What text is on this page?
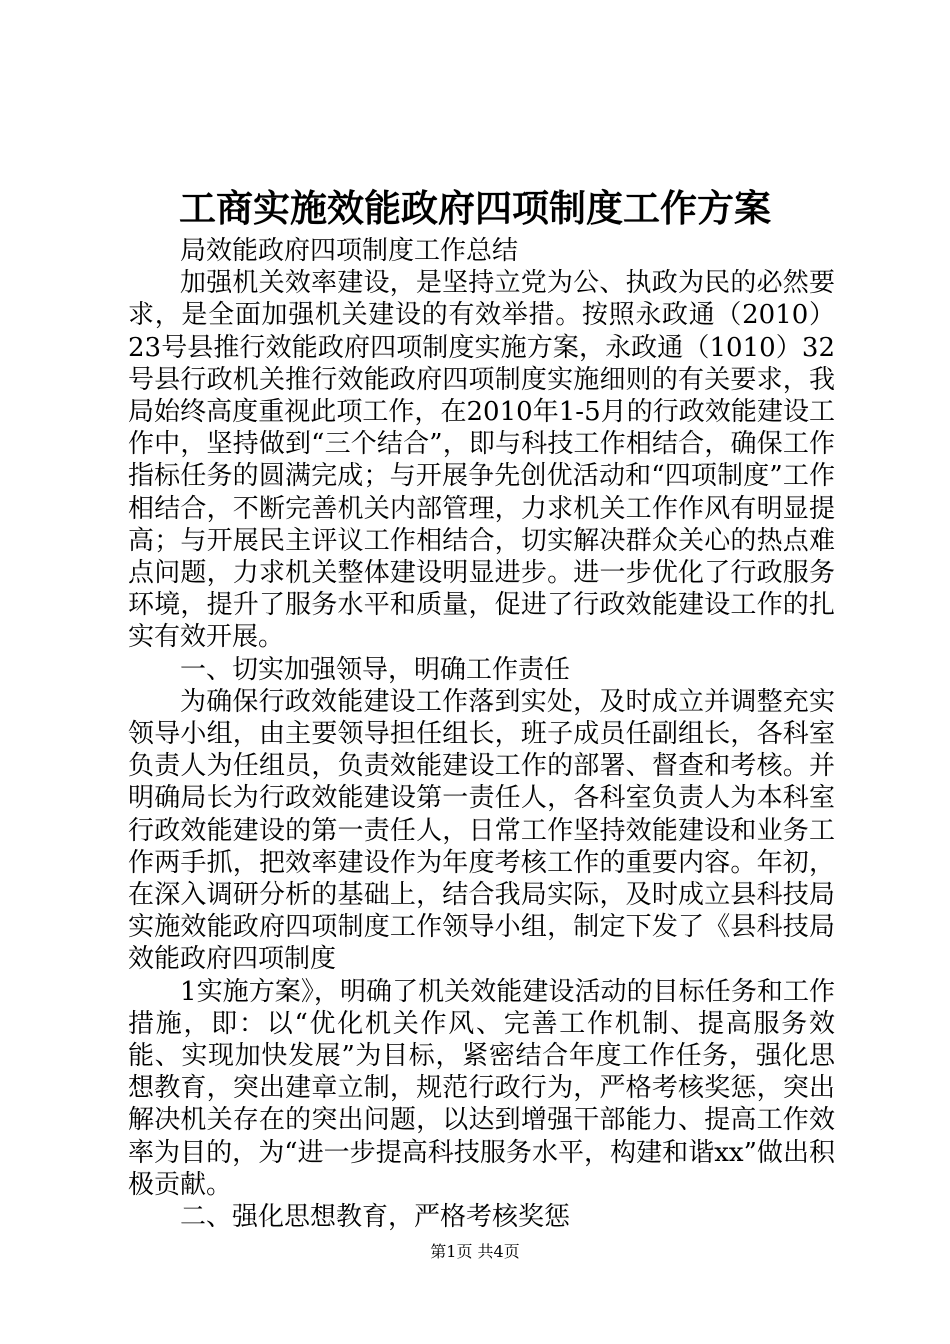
工商实施效能政府四项制度工作方案

局效能政府四项制度工作总结

加强机关效率建设，是坚持立党为公、执政为民的必然要求，是全面加强机关建设的有效举措。按照永政通（2010）23号县推行效能政府四项制度实施方案，永政通（1010）32号县行政机关推行效能政府四项制度实施细则的有关要求，我局始终高度重视此项工作，在2010年1-5月的行政效能建设工作中，坚持做到“三个结合”，即与科技工作相结合，确保工作指标任务的圆满完成；与开展争先创优活动和“四项制度”工作相结合，不断完善机关内部管理，力求机关工作作风有明显提高；与开展民主评议工作相结合，切实解决群众关心的热点难点问题，力求机关整体建设明显进步。进一步优化了行政服务环境，提升了服务水平和质量，促进了行政效能建设工作的扎实有效开展。

一、切实加强领导，明确工作责任

为确保行政效能建设工作落到实处，及时成立并调整充实领导小组，由主要领导担任组长，班子成员任副组长，各科室负责人为任组员，负责效能建设工作的部署、督查和考核。并明确局长为行政效能建设第一责任人，各科室负责人为本科室行政效能建设的第一责任人，日常工作坚持效能建设和业务工作两手抓，把效率建设作为年度考核工作的重要内容。年初，在深入调研分析的基础上，结合我局实际，及时成立县科技局实施效能政府四项制度工作领导小组，制定下发了《县科技局效能政府四项制度

1实施方案》，明确了机关效能建设活动的目标任务和工作措施，即：以“优化机关作风、完善工作机制、提高服务效能、实现加快发展”为目标，紧密结合年度工作任务，强化思想教育，突出建章立制，规范行政行为，严格考核奖惩，突出解决机关存在的突出问题，以达到增强干部能力、提高工作效率为目的，为“进一步提高科技服务水平，构建和谐xx”做出积极贡献。

二、强化思想教育，严格考核奖惩

第1页 共4页
